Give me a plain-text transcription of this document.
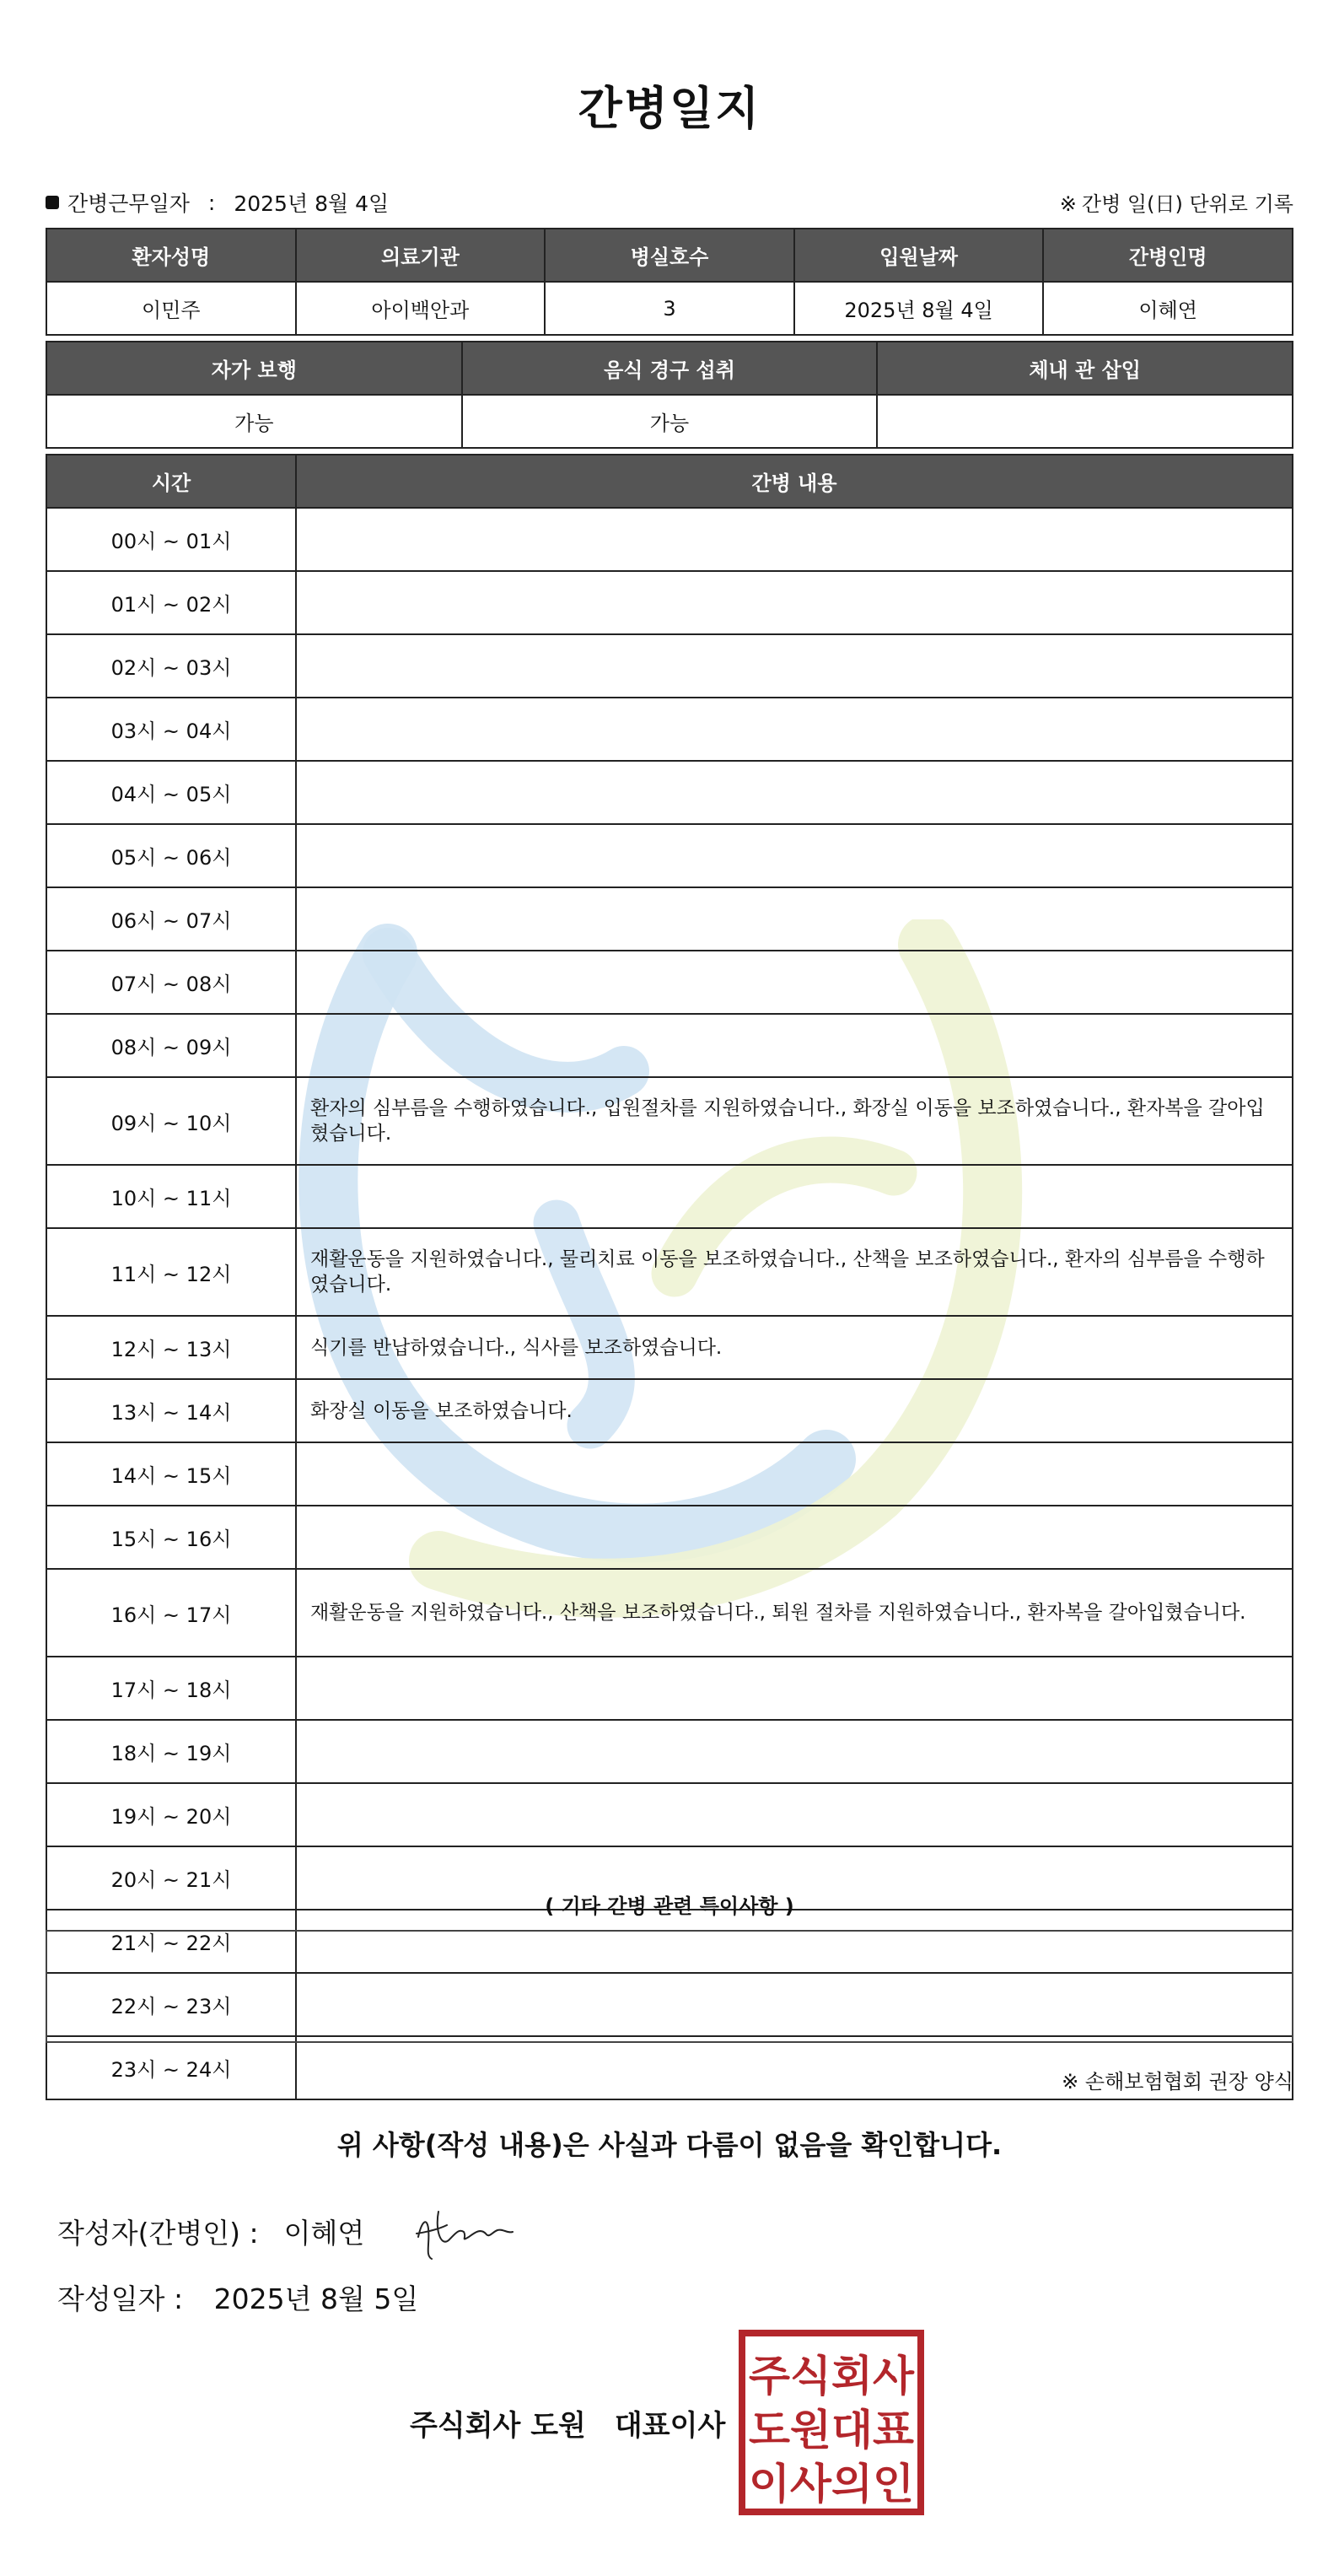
간병일지
간병근무일자 : 2025년 8월 4일	※ 간병 일(日) 단위로 기록
환자성명	의료기관	병실호수	입원날짜	간병인명
이민주	아이백안과	3	2025년 8월 4일	이혜연
자가 보행	음식 경구 섭취	체내 관 삽입
가능	가능	
시간	간병 내용
00시 ~ 01시	
01시 ~ 02시	
02시 ~ 03시	
03시 ~ 04시	
04시 ~ 05시	
05시 ~ 06시	
06시 ~ 07시	
07시 ~ 08시	
08시 ~ 09시	
09시 ~ 10시	환자의 심부름을 수행하였습니다., 입원절차를 지원하였습니다., 화장실 이동을 보조하였습니다., 환자복을 갈아입혔습니다.
10시 ~ 11시	
11시 ~ 12시	재활운동을 지원하였습니다., 물리치료 이동을 보조하였습니다., 산책을 보조하였습니다., 환자의 심부름을 수행하였습니다.
12시 ~ 13시	식기를 반납하였습니다., 식사를 보조하였습니다.
13시 ~ 14시	화장실 이동을 보조하였습니다.
14시 ~ 15시	
15시 ~ 16시	
16시 ~ 17시	재활운동을 지원하였습니다., 산책을 보조하였습니다., 퇴원 절차를 지원하였습니다., 환자복을 갈아입혔습니다.
17시 ~ 18시	
18시 ~ 19시	
19시 ~ 20시	
20시 ~ 21시	
21시 ~ 22시	
22시 ~ 23시	
23시 ~ 24시	
( 기타 간병 관련 특이사항 )
※ 손해보험협회 권장 양식
위 사항(작성 내용)은 사실과 다름이 없음을 확인합니다.
작성자(간병인) : 이혜연
작성일자 : 2025년 8월 5일
주식회사 도원 대표이사
주식회사
도원대표
이사의인
